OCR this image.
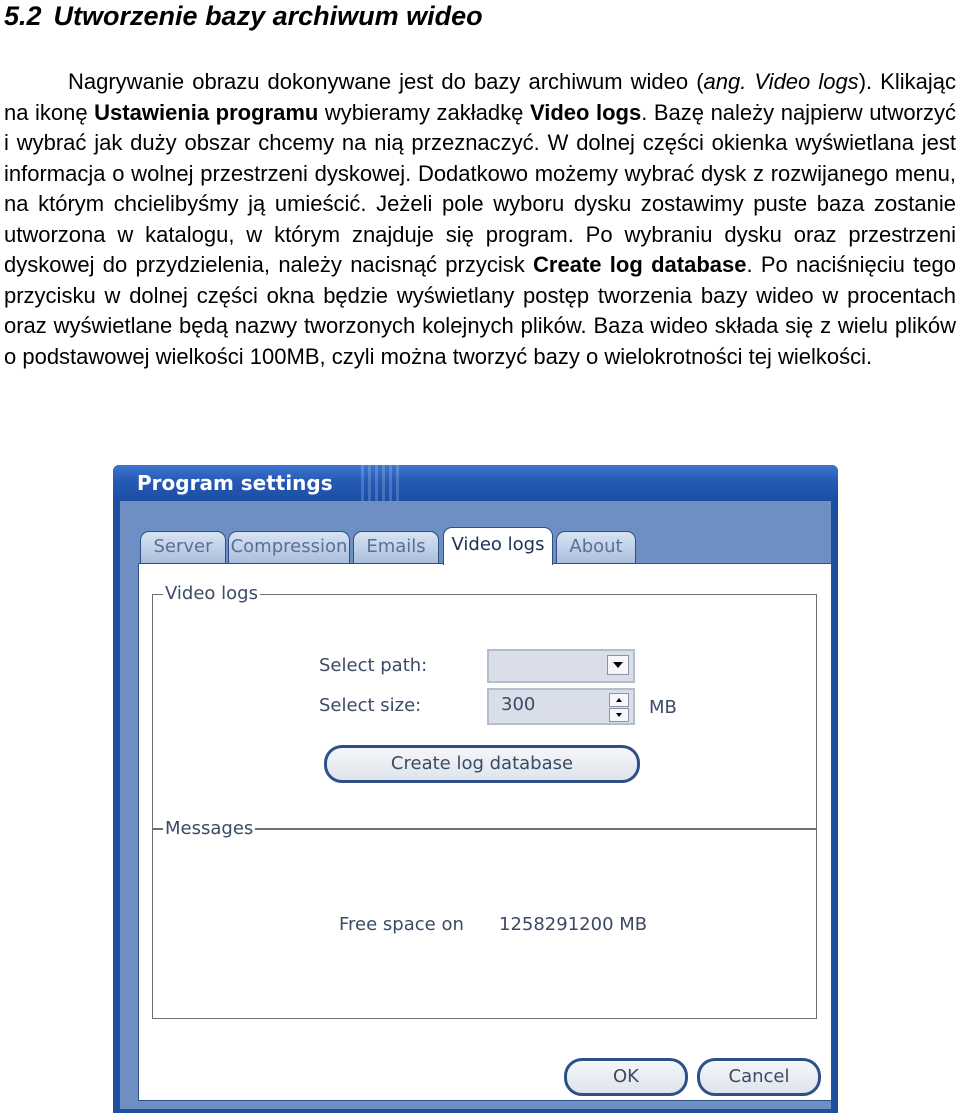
5.2 Utworzenie bazy archiwum wideo

Nagrywanie obrazu dokonywane jest do bazy archiwum wideo (ang. Video logs). Klikając na ikonę Ustawienia programu wybieramy zakładkę Video logs. Bazę należy najpierw utworzyć i wybrać jak duży obszar chcemy na nią przeznaczyć. W dolnej części okienka wyświetlana jest informacja o wolnej przestrzeni dyskowej. Dodatkowo możemy wybrać dysk z rozwijanego menu, na którym chcielibyśmy ją umieścić. Jeżeli pole wyboru dysku zostawimy puste baza zostanie utworzona w katalogu, w którym znajduje się program. Po wybraniu dysku oraz przestrzeni dyskowej do przydzielenia, należy nacisnąć przycisk Create log database. Po naciśnięciu tego przycisku w dolnej części okna będzie wyświetlany postęp tworzenia bazy wideo w procentach oraz wyświetlane będą nazwy tworzonych kolejnych plików. Baza wideo składa się z wielu plików o podstawowej wielkości 100MB, czyli można tworzyć bazy o wielokrotności tej wielkości.

Program settings
Server	Compression	Emails	Video logs	About
Video logs
Select path:
Select size:	300	MB
Create log database
Messages
Free space on 1258291200 MB
OK	Cancel
